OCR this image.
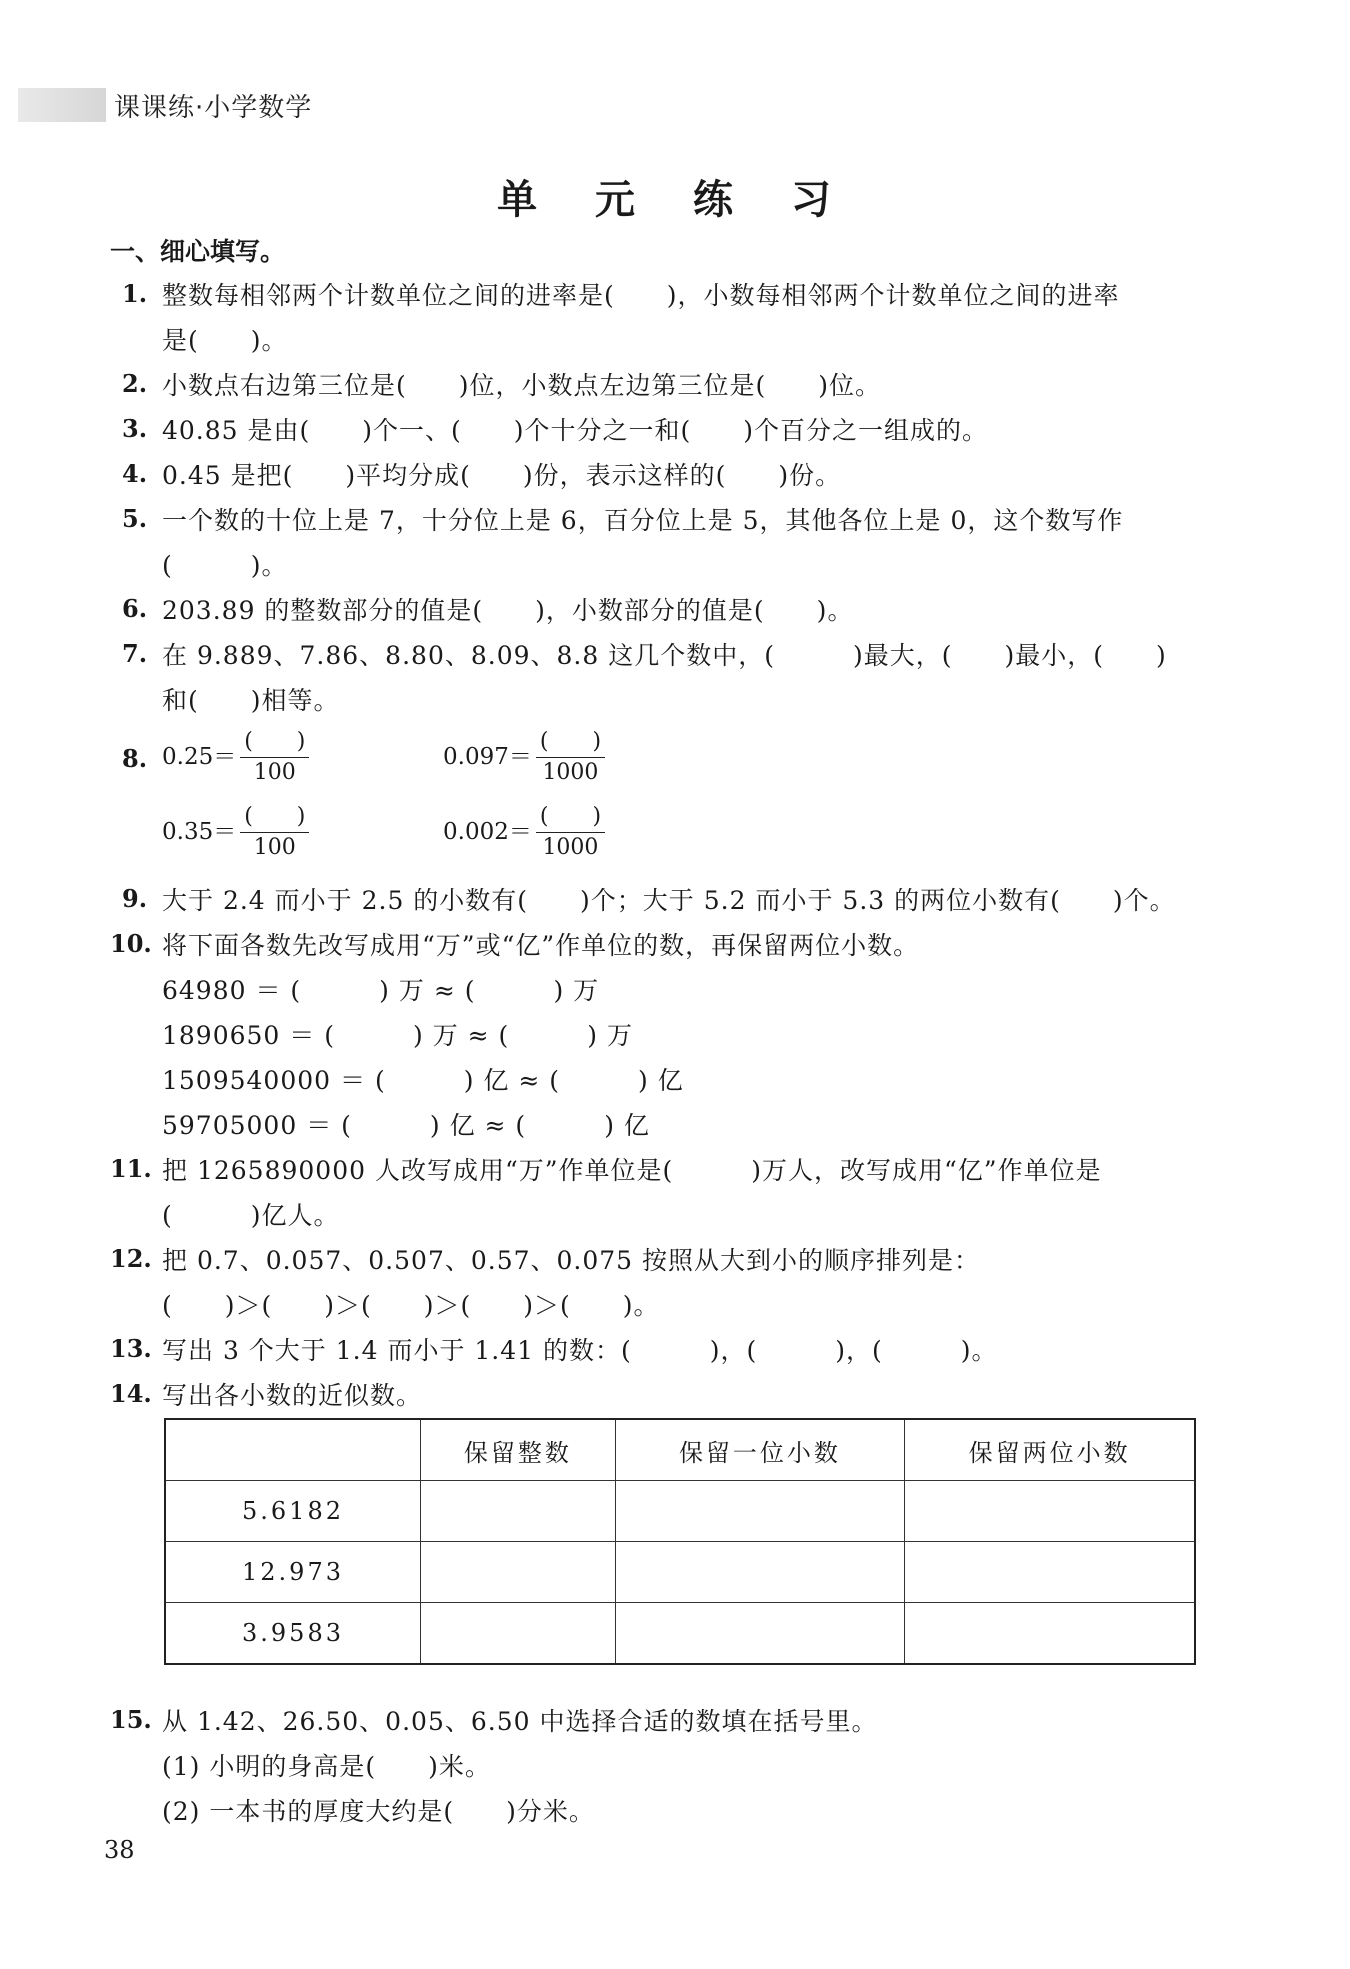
课课练·小学数学
单 元 练 习
一、细心填写。
1. 整数每相邻两个计数单位之间的进率是(　　)，小数每相邻两个计数单位之间的进率
是(　　)。
2. 小数点右边第三位是(　　)位，小数点左边第三位是(　　)位。
3. 40.85 是由(　　)个一、(　　)个十分之一和(　　)个百分之一组成的。
4. 0.45 是把(　　)平均分成(　　)份，表示这样的(　　)份。
5. 一个数的十位上是 7，十分位上是 6，百分位上是 5，其他各位上是 0，这个数写作
(　　　)。
6. 203.89 的整数部分的值是(　　)，小数部分的值是(　　)。
7. 在 9.889、7.86、8.80、8.09、8.8 这几个数中，(　　　)最大，(　　)最小，(　　)
和(　　)相等。
8. $0.25= \frac{( )}{100}$	$0.097= \frac{( )}{1000}$
$0.35= \frac{( )}{100}$	$0.002= \frac{( )}{1000}$
9. 大于 2.4 而小于 2.5 的小数有(　　)个；大于 5.2 而小于 5.3 的两位小数有(　　)个。
10. 将下面各数先改写成用“万”或“亿”作单位的数，再保留两位小数。
64980 ＝ (　　　) 万 ≈ (　　　) 万
1890650 ＝ (　　　) 万 ≈ (　　　) 万
1509540000 ＝ (　　　) 亿 ≈ (　　　) 亿
59705000 ＝ (　　　) 亿 ≈ (　　　) 亿
11. 把 1265890000 人改写成用“万”作单位是(　　　)万人，改写成用“亿”作单位是
(　　　)亿人。
12. 把 0.7、0.057、0.507、0.57、0.075 按照从大到小的顺序排列是：
(　　)＞(　　)＞(　　)＞(　　)＞(　　)。
13. 写出 3 个大于 1.4 而小于 1.41 的数：(　　　)，(　　　)，(　　　)。
14. 写出各小数的近似数。
	保留整数	保留一位小数	保留两位小数
5.6182			
12.973			
3.9583			
15. 从 1.42、26.50、0.05、6.50 中选择合适的数填在括号里。
(1) 小明的身高是(　　)米。
(2) 一本书的厚度大约是(　　)分米。
38
